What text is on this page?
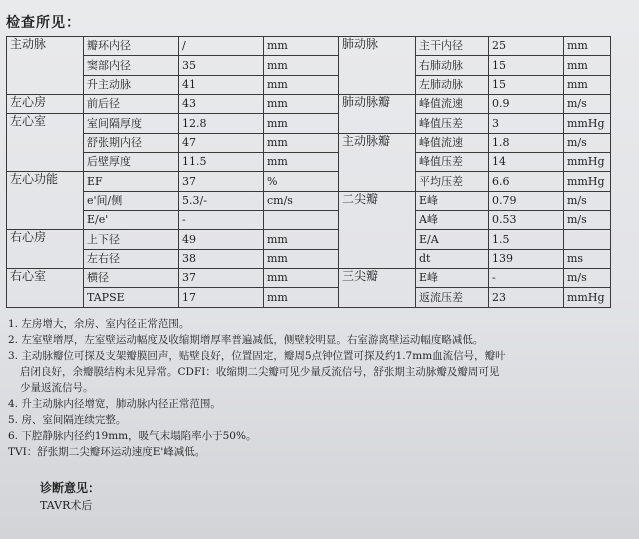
检查所见：
主动脉	瓣环内径	/	mm	肺动脉	主干内径	25	mm
	窦部内径	35	mm		右肺动脉	15	mm
	升主动脉	41	mm		左肺动脉	15	mm
左心房	前后径	43	mm	肺动脉瓣	峰值流速	0.9	m/s
左心室	室间隔厚度	12.8	mm		峰值压差	3	mmHg
	舒张期内径	47	mm	主动脉瓣	峰值流速	1.8	m/s
	后壁厚度	11.5	mm		峰值压差	14	mmHg
左心功能	EF	37	%		平均压差	6.6	mmHg
	e'间/侧	5.3/-	cm/s	二尖瓣	E峰	0.79	m/s
	E/e'	-			A峰	0.53	m/s
右心房	上下径	49	mm		E/A	1.5	
	左右径	38	mm		dt	139	ms
右心室	横径	37	mm	三尖瓣	E峰	-	m/s
	TAPSE	17	mm		返流压差	23	mmHg
1. 左房增大，余房、室内径正常范围。
2. 左室壁增厚，左室壁运动幅度及收缩期增厚率普遍减低，侧壁较明显。右室游离壁运动幅度略减低。
3. 主动脉瓣位可探及支架瓣膜回声，贴壁良好，位置固定，瓣周5点钟位置可探及约1.7mm血流信号，瓣叶
启闭良好，余瓣膜结构未见异常。CDFI：收缩期二尖瓣可见少量反流信号，舒张期主动脉瓣及瓣周可见
少量返流信号。
4. 升主动脉内径增宽，肺动脉内径正常范围。
5. 房、室间隔连续完整。
6. 下腔静脉内径约19mm，吸气末塌陷率小于50%。
TVI：舒张期二尖瓣环运动速度E'峰减低。
诊断意见：
TAVR术后
